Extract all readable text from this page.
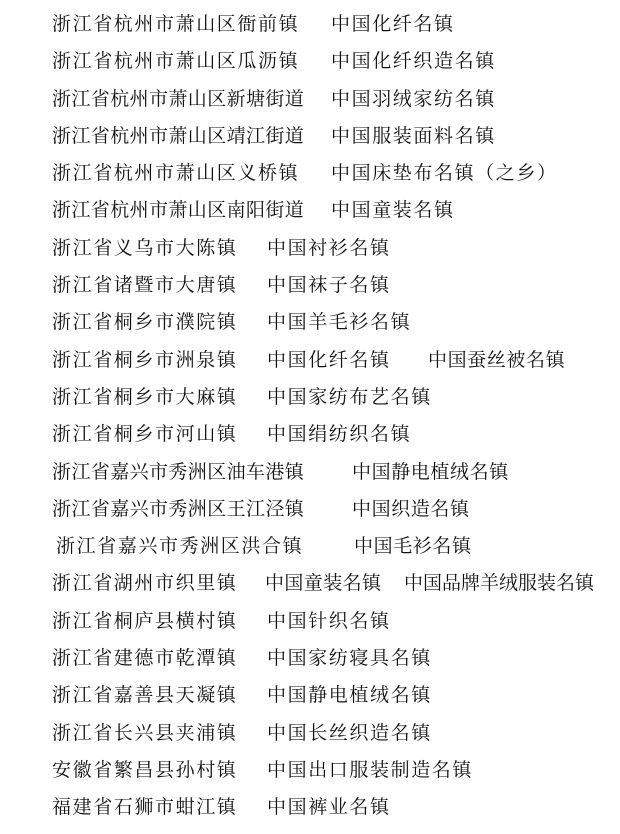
浙江省杭州市萧山区衙前镇 中国化纤名镇
浙江省杭州市萧山区瓜沥镇 中国化纤织造名镇
浙江省杭州市萧山区新塘街道 中国羽绒家纺名镇
浙江省杭州市萧山区靖江街道 中国服装面料名镇
浙江省杭州市萧山区义桥镇 中国床垫布名镇（之乡）
浙江省杭州市萧山区南阳街道 中国童装名镇
浙江省义乌市大陈镇 中国衬衫名镇
浙江省诸暨市大唐镇 中国袜子名镇
浙江省桐乡市濮院镇 中国羊毛衫名镇
浙江省桐乡市洲泉镇 中国化纤名镇 中国蚕丝被名镇
浙江省桐乡市大麻镇 中国家纺布艺名镇
浙江省桐乡市河山镇 中国绢纺织名镇
浙江省嘉兴市秀洲区油车港镇	中国静电植绒名镇
浙江省嘉兴市秀洲区王江泾镇	中国织造名镇
浙江省嘉兴市秀洲区洪合镇	中国毛衫名镇
浙江省湖州市织里镇 中国童装名镇 中国品牌羊绒服装名镇
浙江省桐庐县横村镇 中国针织名镇
浙江省建德市乾潭镇 中国家纺寝具名镇
浙江省嘉善县天凝镇 中国静电植绒名镇
浙江省长兴县夹浦镇 中国长丝织造名镇
安徽省繁昌县孙村镇 中国出口服装制造名镇
福建省石狮市蚶江镇 中国裤业名镇
